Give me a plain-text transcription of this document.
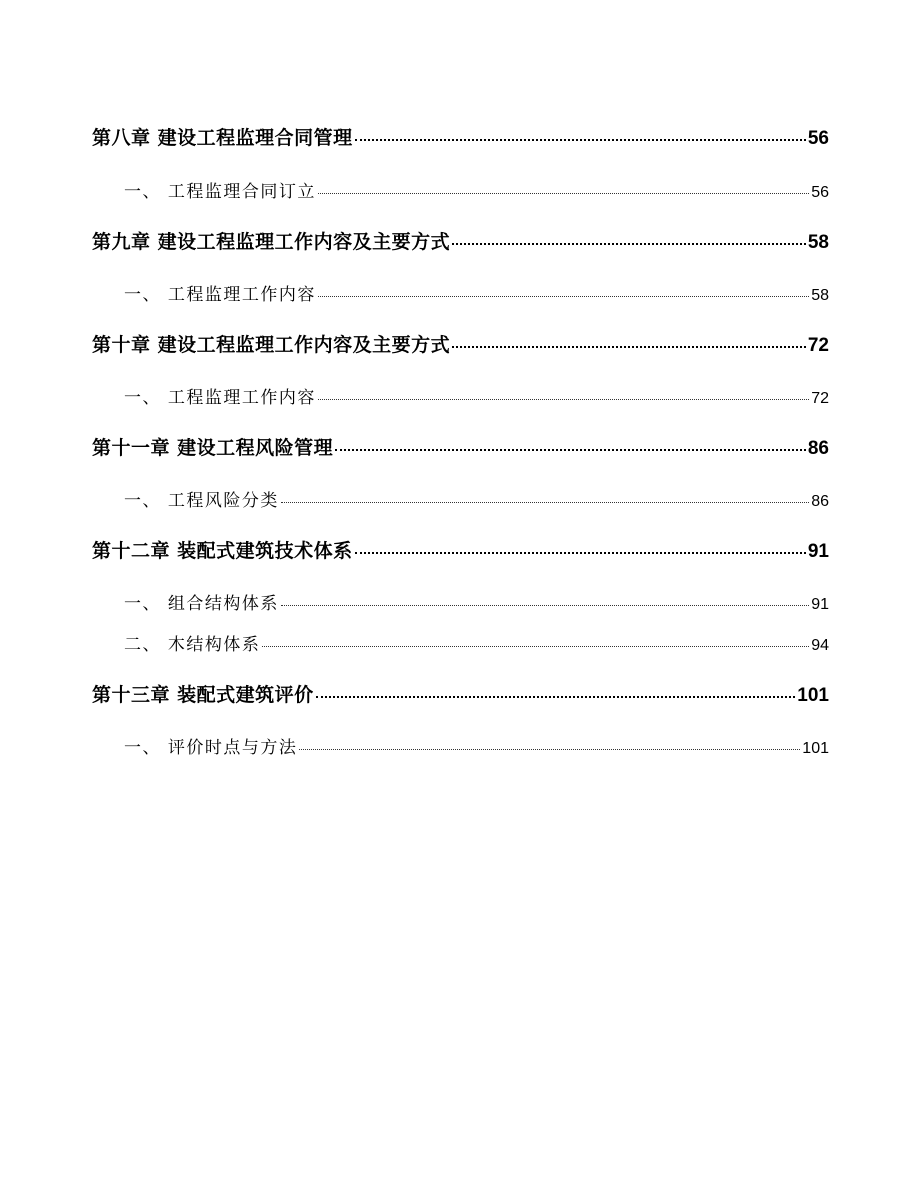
第八章 建设工程监理合同管理	56
一、 工程监理合同订立	56
第九章 建设工程监理工作内容及主要方式	58
一、 工程监理工作内容	58
第十章 建设工程监理工作内容及主要方式	72
一、 工程监理工作内容	72
第十一章 建设工程风险管理	86
一、 工程风险分类	86
第十二章 装配式建筑技术体系	91
一、 组合结构体系	91
二、 木结构体系	94
第十三章 装配式建筑评价	101
一、 评价时点与方法	101
